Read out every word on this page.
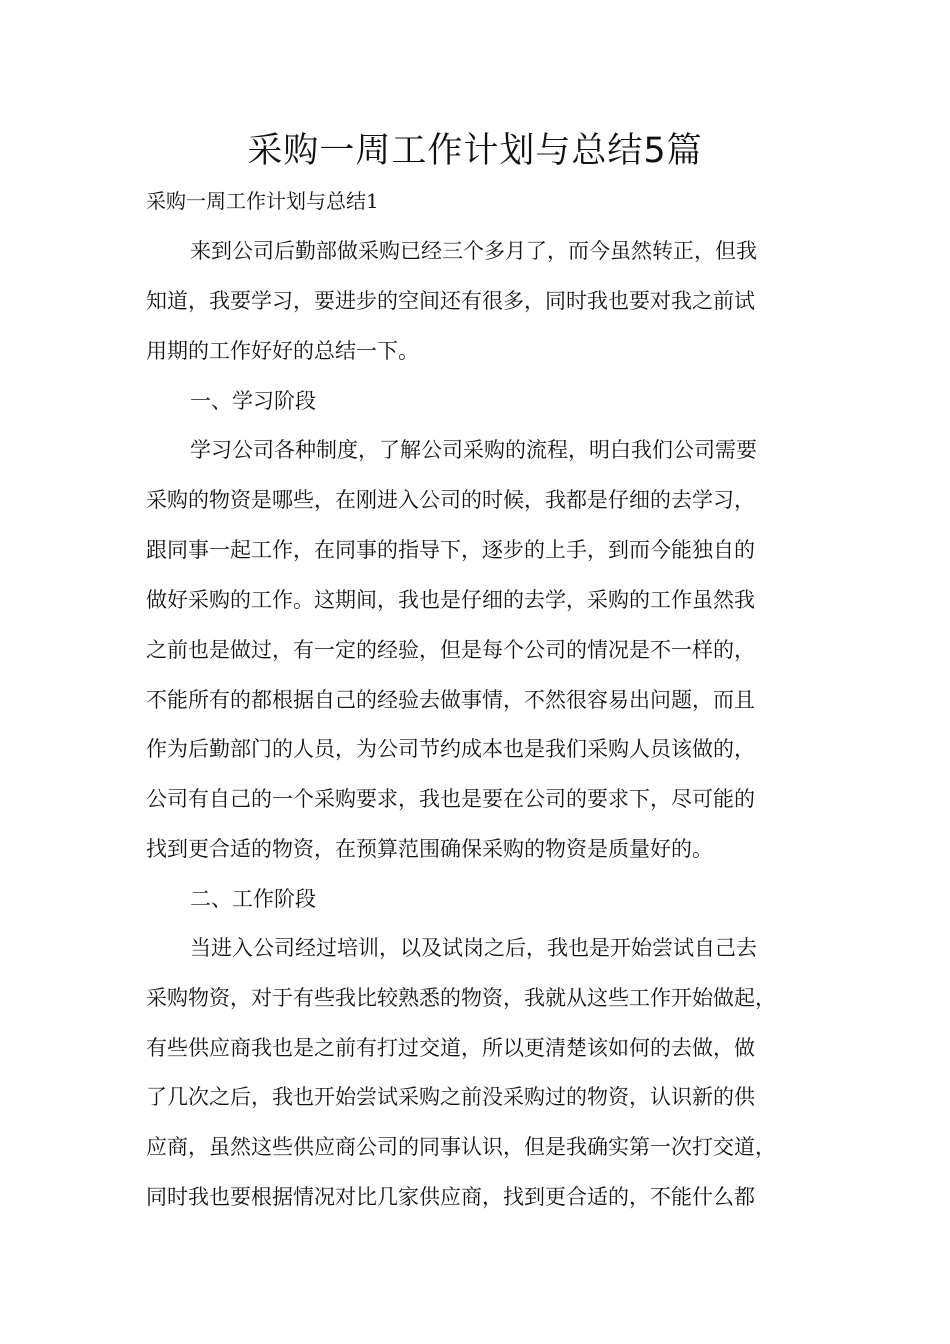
采购一周工作计划与总结5篇
采购一周工作计划与总结1
来到公司后勤部做采购已经三个多月了，而今虽然转正，但我
知道，我要学习，要进步的空间还有很多，同时我也要对我之前试
用期的工作好好的总结一下。
一、学习阶段
学习公司各种制度，了解公司采购的流程，明白我们公司需要
采购的物资是哪些，在刚进入公司的时候，我都是仔细的去学习，
跟同事一起工作，在同事的指导下，逐步的上手，到而今能独自的
做好采购的工作。这期间，我也是仔细的去学，采购的工作虽然我
之前也是做过，有一定的经验，但是每个公司的情况是不一样的，
不能所有的都根据自己的经验去做事情，不然很容易出问题，而且
作为后勤部门的人员，为公司节约成本也是我们采购人员该做的，
公司有自己的一个采购要求，我也是要在公司的要求下，尽可能的
找到更合适的物资，在预算范围确保采购的物资是质量好的。
二、工作阶段
当进入公司经过培训，以及试岗之后，我也是开始尝试自己去
采购物资，对于有些我比较熟悉的物资，我就从这些工作开始做起，
有些供应商我也是之前有打过交道，所以更清楚该如何的去做，做
了几次之后，我也开始尝试采购之前没采购过的物资，认识新的供
应商，虽然这些供应商公司的同事认识，但是我确实第一次打交道，
同时我也要根据情况对比几家供应商，找到更合适的，不能什么都
